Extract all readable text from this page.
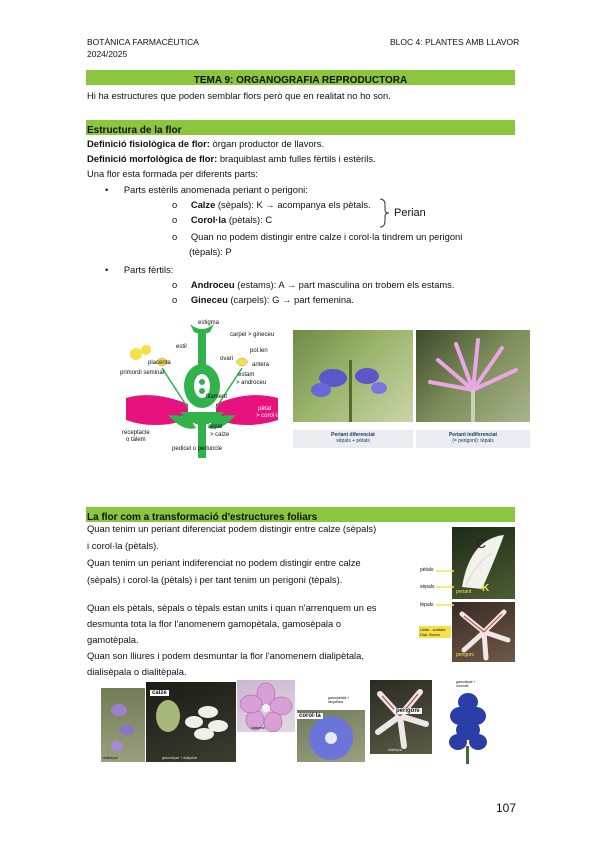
BOTÀNICA FARMACÈUTICA
2024/2025
BLOC 4: PLANTES AMB LLAVOR
TEMA 9: ORGANOGRAFIA REPRODUCTORA
Hi ha estructures que poden semblar flors però que en realitat no ho son.
Estructura de la flor
Definició fisiològica de flor: òrgan productor de llavors.
Definició morfològica de flor: braquiblast amb fulles fèrtils i estèrils.
Una flor esta formada per diferents parts:
• Parts estèrils anomenada periant o perigoni:
o Calze (sèpals): K → acompanya els pètals.
o Corol·la (pètals): C
Perian
o Quan no podem distingir entre calze i corol·la tindrem un perigoni
(tèpals): P
• Parts fèrtils:
o Androceu (estams): A → part masculina on trobem els estams.
o Gineceu (carpels): G → part femenina.
estigma
carpel > gineceu
estil
ovari
pol.len
placenta
primordi seminal
antera
estam
> androceu
filament
pètal
> corol·la
sèpal
> calze
receptacle
o tàlem
pedicel o peduncle
Periant diferenciat
sèpals + pètals
Periant indiferenciat
(= perigoni): tèpals
La flor com a transformació d'estructures foliars
Quan tenim un periant diferenciat podem distingir entre calze (sèpals)
i corol·la (pètals).
Quan tenim un periant indiferenciat no podem distingir entre calze
(sèpals) i corol·la (pètals) i per tant tenim un perigoni (tèpals).
Quan els pètals, sèpals o tèpals estan units i quan n'arrenquem un es
desmunta tota la flor l'anomenem gamopètala, gamosèpala o
gamotèpala.
Quan son lliures i podem desmuntar la flor l'anomenem dialipètala,
dialisèpala o dialitèpala.
C
K
periant
perigoni
pètals
sèpals
tèpals
Units - soldats
Dial- lliures
dialisèpal
calze
gamosèpal + dialipètal
dialipètal
corol·la
gamopètala + simpètala
perigoni
dialitèpal
gamotèpal + urceolat
107
